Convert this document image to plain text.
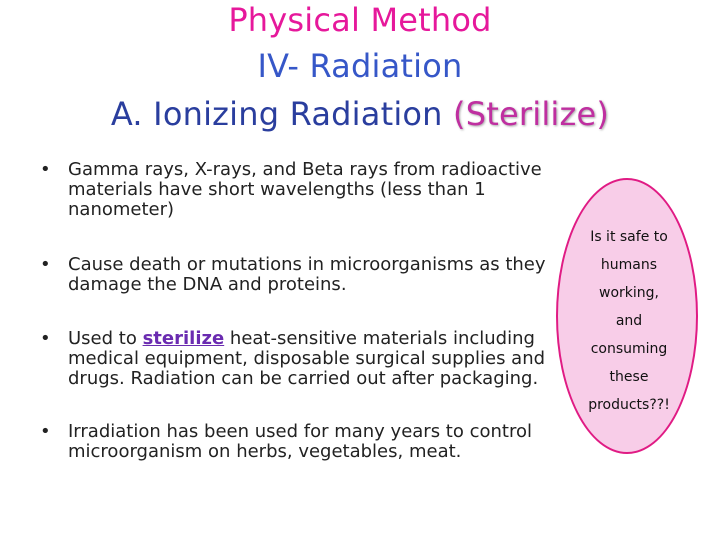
Physical Method
IV- Radiation
A. Ionizing Radiation (Sterilize)
• Gamma rays, X-rays, and Beta rays from radioactive materials have short wavelengths (less than 1 nanometer)
• Cause death or mutations in microorganisms as they damage the DNA and proteins.
• Used to sterilize heat-sensitive materials including medical equipment, disposable surgical supplies and drugs. Radiation can be carried out after packaging.
• Irradiation has been used for many years to control microorganism on herbs, vegetables, meat.
Is it safe to
humans
working,
and
consuming
these
products??!
